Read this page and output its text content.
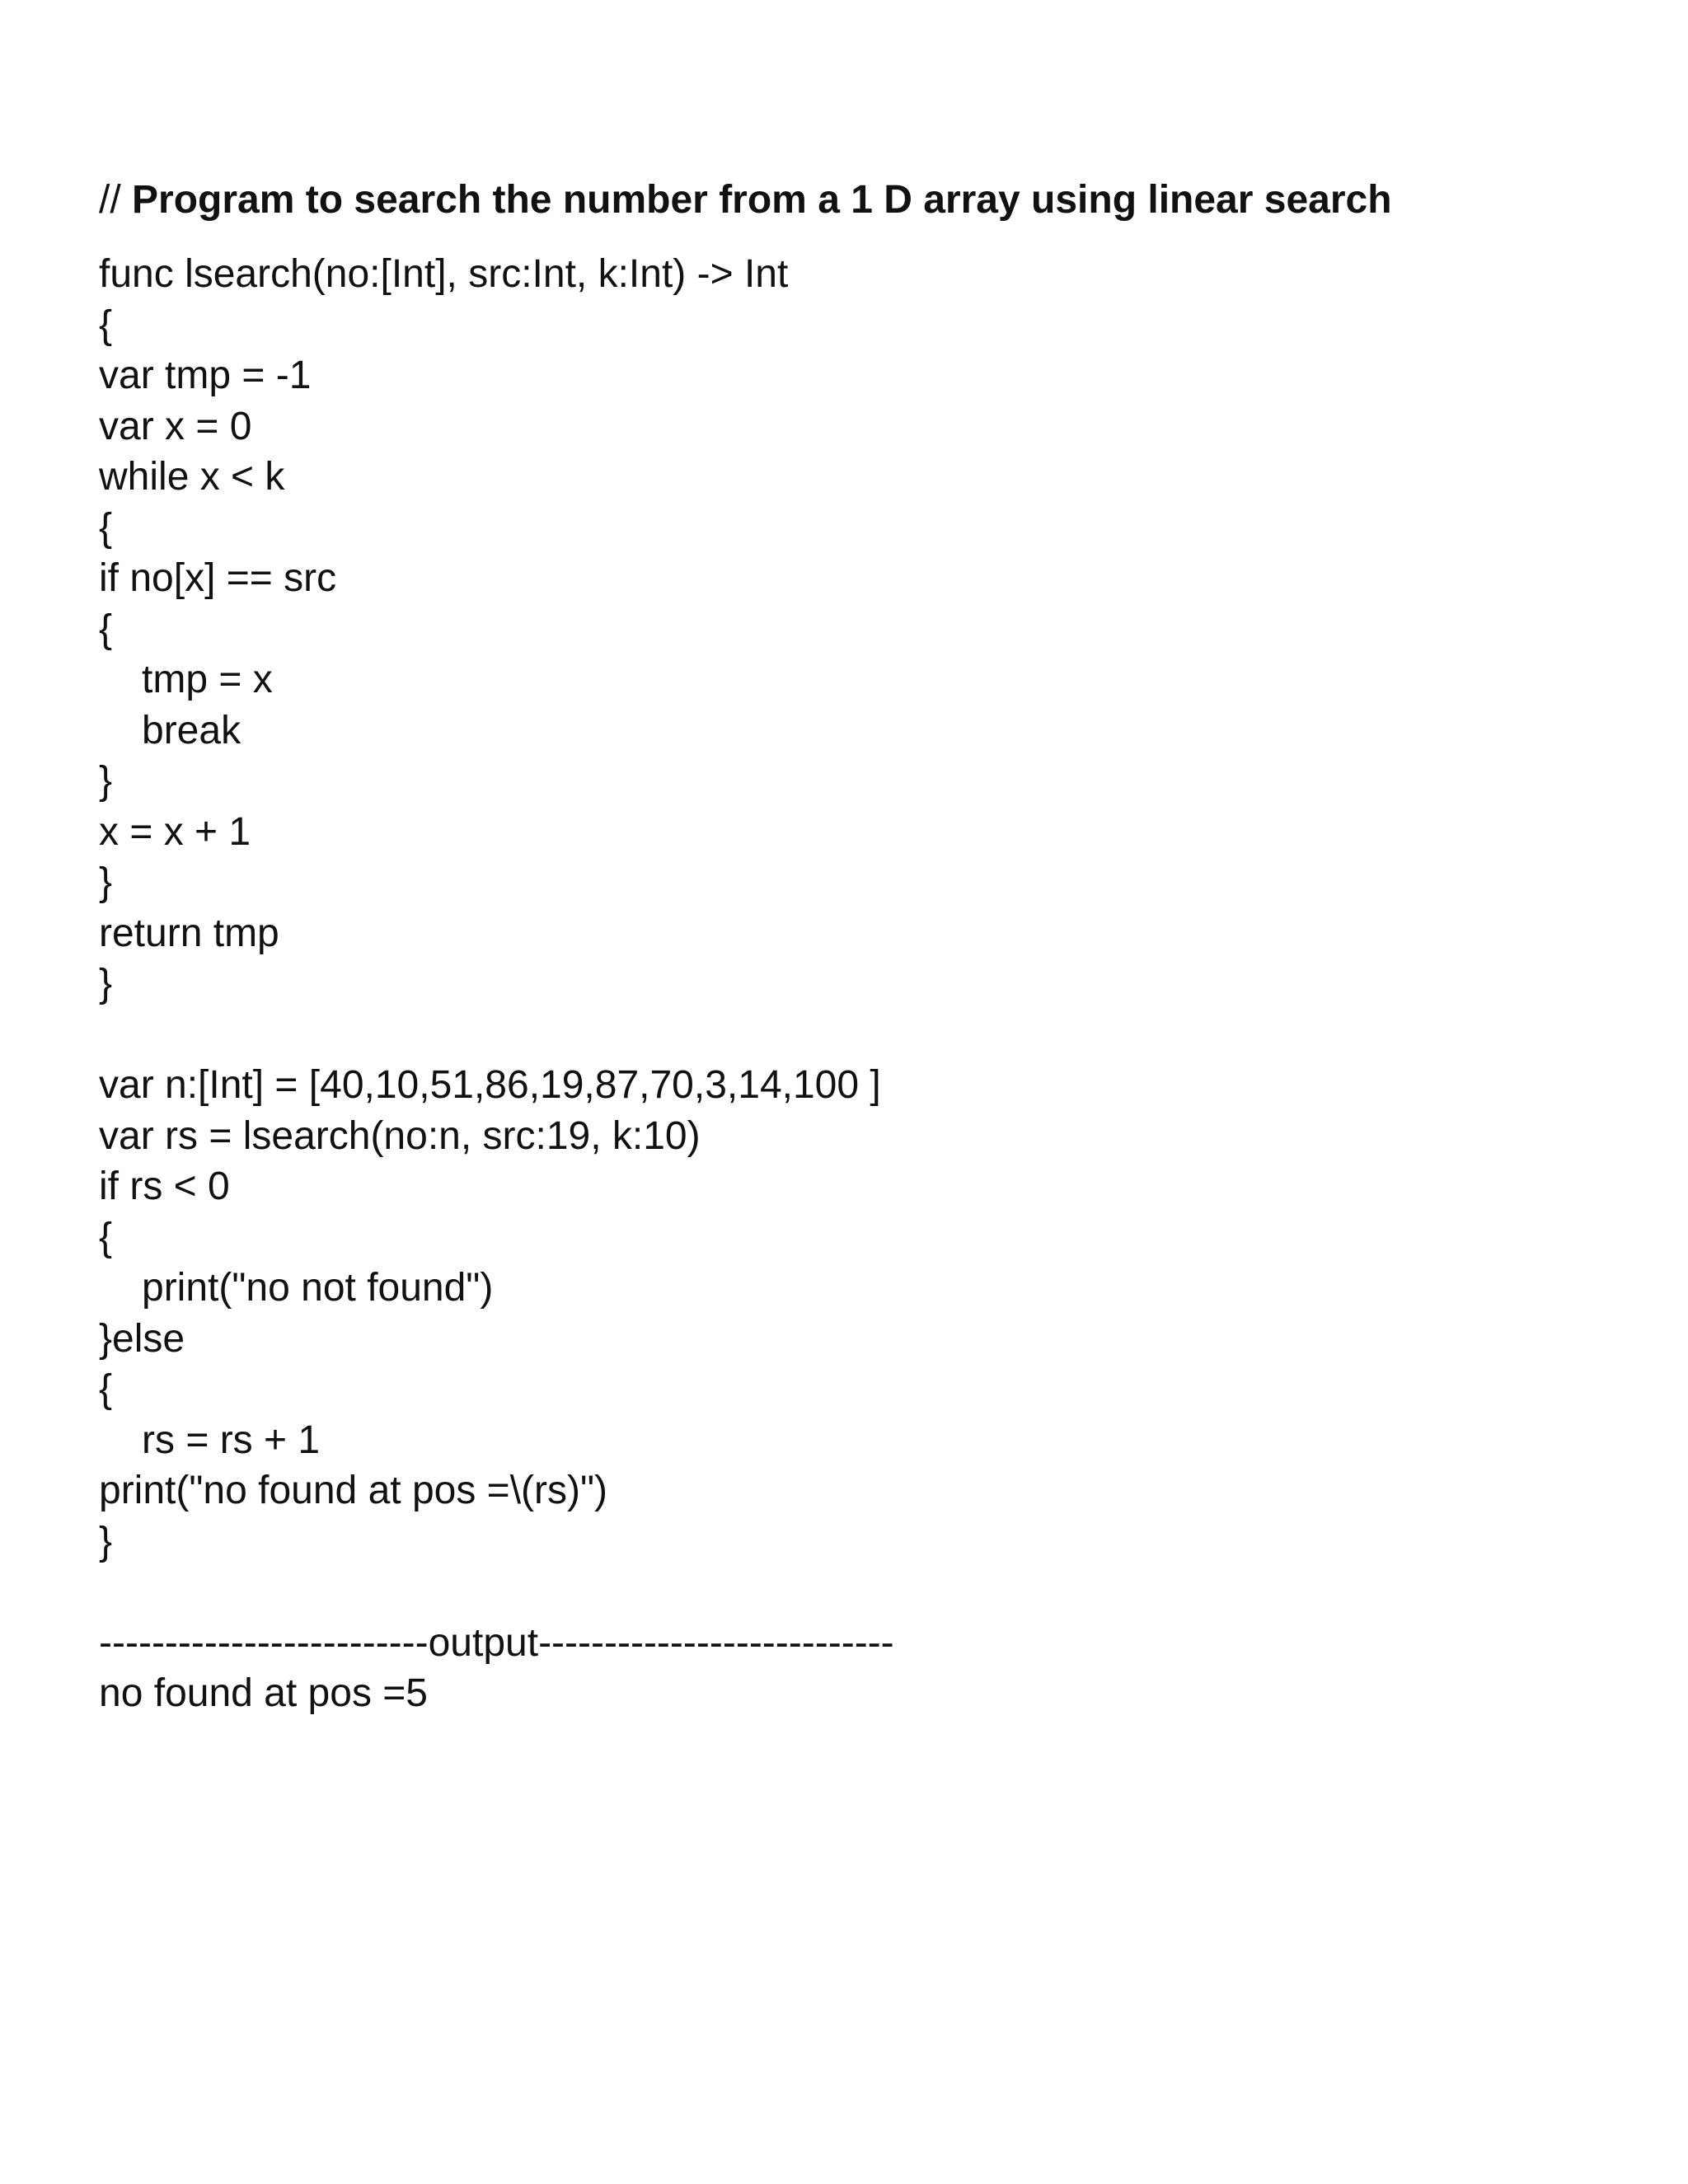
// Program to search the number from a 1 D array using linear search
func lsearch(no:[Int], src:Int, k:Int) -> Int
{
var tmp = -1
var x = 0
while x < k
{
if no[x] == src
{
tmp = x
break
}
x = x + 1
}
return tmp
}
var n:[Int] = [40,10,51,86,19,87,70,3,14,100 ]
var rs = lsearch(no:n, src:19, k:10)
if rs < 0
{
print("no not found")
}else
{
rs = rs + 1
print("no found at pos =\(rs)")
}
-------------------------output---------------------------
no found at pos =5
